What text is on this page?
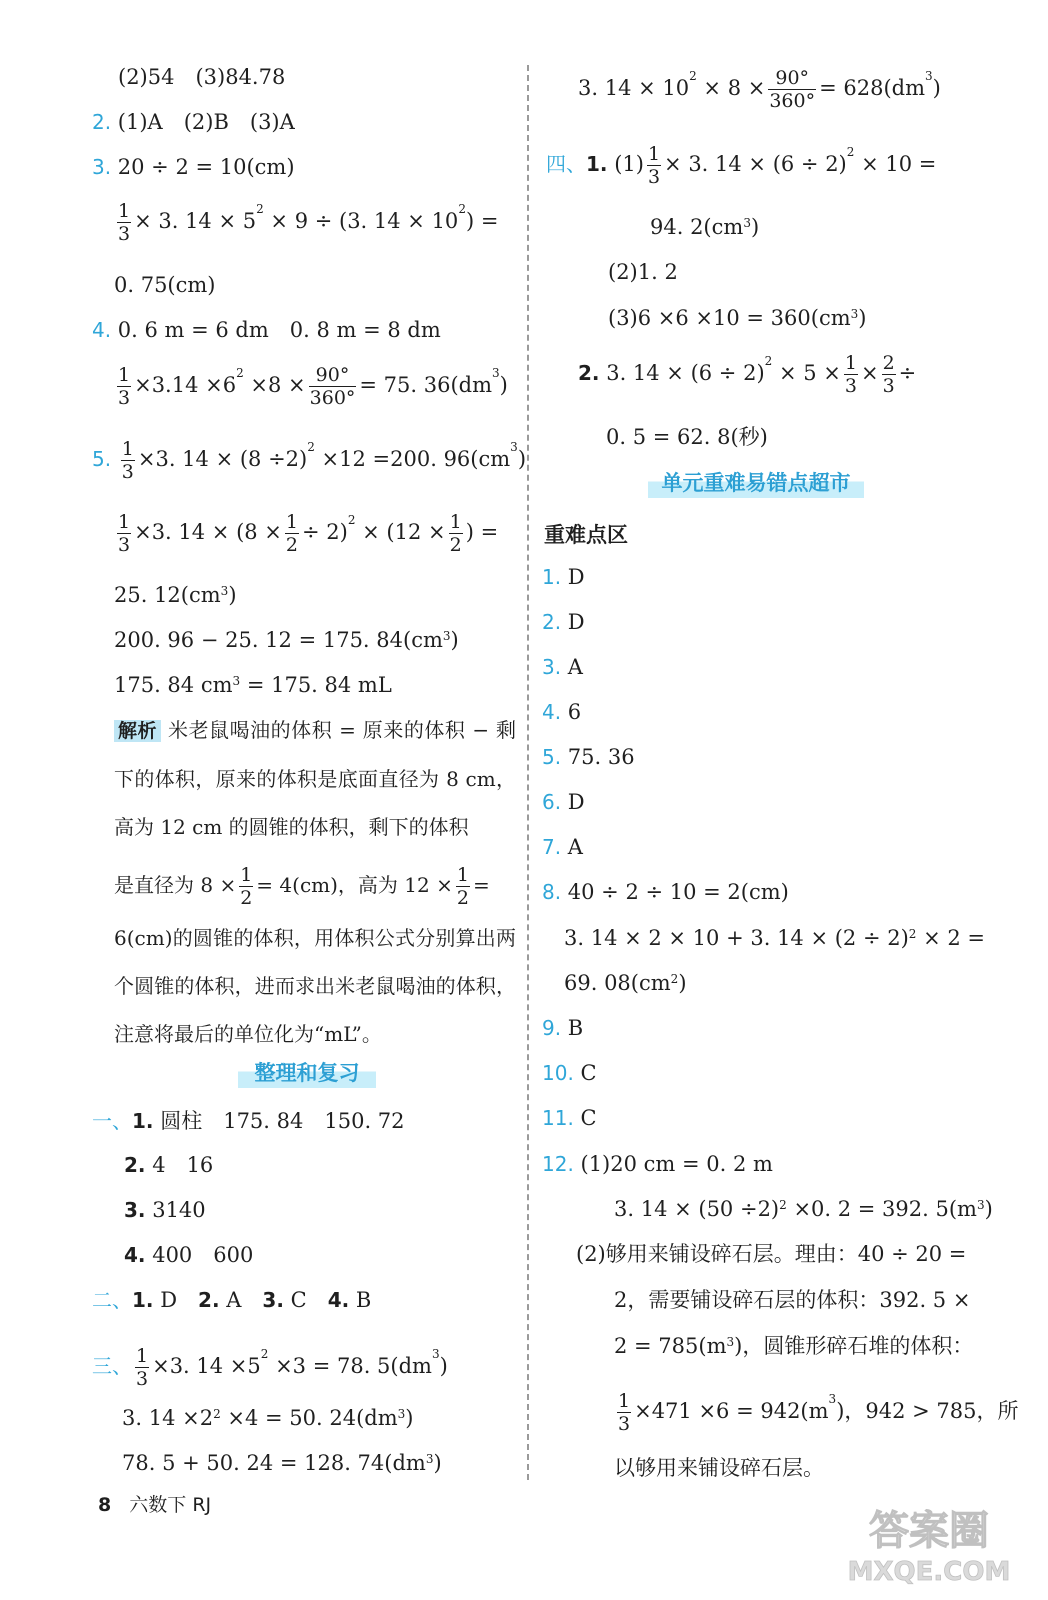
(2)54　(3)84.78
2. (1)A　(2)B　(3)A
3. 20 ÷ 2 = 10(cm)
$\frac{1}{3} \times 3$. $14 \times 5^2 \times 9 \div (3$. $14 \times 10^2$) =
0. 75(cm)
4. 0. 6 m = 6 dm　0. 8 m = 8 dm
$\frac{1}{3} \times 3.14 \times 6^2 \times 8 \times \frac{90^\circ}{360^\circ} = 75$. $36(dm^3)$
5. $\frac{1}{3} \times 3$. $14 \times (8 \div 2)^2 \times 12 =200$. $96(cm^3)$
$\frac{1}{3} \times 3$. $14 \times (8 \times \frac{1}{2} \div 2)^2 \times (12 \times \frac{1}{2}$ ) =
25. $12(cm^3)$
200. 96 − 25. 12 = 175. $84(cm^3)$
175. 84 $cm^3 = 175$. 84 mL
解析 米老鼠喝油的体积 = 原来的体积 − 剩下的体积，原来的体积是底面直径为 8 cm，高为 12 cm 的圆锥的体积，剩下的体积
是直径为 $8 \times \frac{1}{2} = 4(cm)$，高为 $12 \times \frac{1}{2}$ =
6(cm)的圆锥的体积，用体积公式分别算出两个圆锥的体积，进而求出米老鼠喝油的体积，注意将最后的单位化为“mL”。
整理和复习
一、1. 圆柱　175. 84　150. 72
2. 4　16
3. 3140
4. 400　600
二、1. D　 2. A　 3. C　 4. B
三、 $\frac{1}{3} \times 3$. $14 \times 5^2 \times 3 = 78$. $5(dm^3)$
3. $14 \times 2^2 \times 4 = 50$. $24(dm^3)$
78. 5 + 50. 24 = 128. $74(dm^3)$
3. $14 \times 10^2 \times 8 \times \frac{90^\circ}{360^\circ} = 628(dm^3)$
四、1. $(1) \frac{1}{3} \times 3$. $14 \times (6 \div 2)^2 \times 10$ =
94. $2(cm^3)$
(2)1. 2
$(3)6 \times 6 \times 10 = 360(cm^3)$
2. 3. $14 \times (6 \div 2)^2 \times 5 \times \frac{1}{3} \times \frac{2}{3}$ ÷
0. 5 = 62. 8(秒)
单元重难易错点超市
重难点区
1. D
2. D
3. A
4. 6
5. 75. 36
6. D
7. A
8. 40 ÷ 2 ÷ 10 = 2(cm)
3. 14 × 2 × 10 + 3. $14 \times (2 \div 2)^2 \times 2$ =
69. $08(cm^2)$
9. B
10. C
11. C
12. (1)20 cm = 0. 2 m
3. $14 \times (50 \div 2)^2 \times 0$. 2 = 392. $5(m^3)$
(2)够用来铺设碎石层。理由：40 ÷ 20 =
2，需要铺设碎石层的体积：392. 5 ×
$2 = 785(m^3)$，圆锥形碎石堆的体积：
$\frac{1}{3} \times 471 \times 6 = 942(m^3)$，942 > 785，所
以够用来铺设碎石层。
8 六数下 RJ
答案圈
MXQE.COM
